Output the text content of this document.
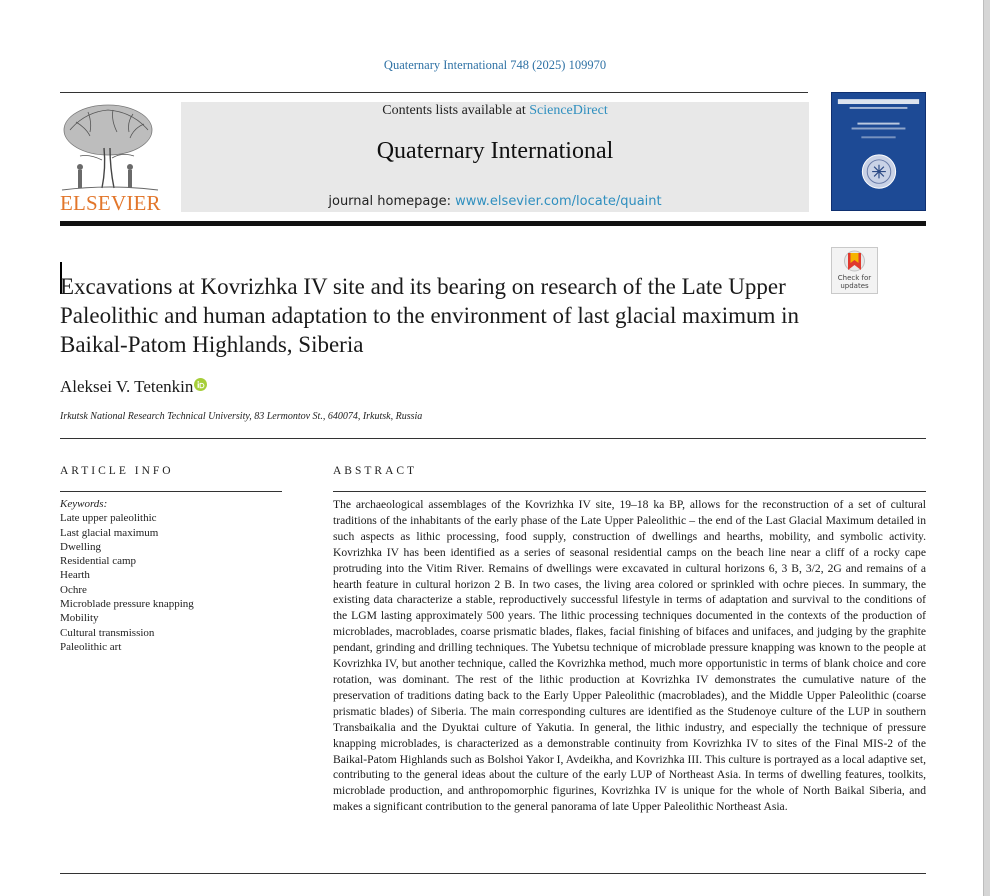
Quaternary International 748 (2025) 109970
ELSEVIER
Contents lists available at ScienceDirect
Quaternary International
journal homepage: www.elsevier.com/locate/quaint
Excavations at Kovrizhka IV site and its bearing on research of the Late Upper Paleolithic and human adaptation to the environment of last glacial maximum in Baikal-Patom Highlands, Siberia
Check for updates
Aleksei V. Tetenkin
Irkutsk National Research Technical University, 83 Lermontov St., 640074, Irkutsk, Russia
ARTICLE INFO	ABSTRACT
Keywords:
Late upper paleolithic
Last glacial maximum
Dwelling
Residential camp
Hearth
Ochre
Microblade pressure knapping
Mobility
Cultural transmission
Paleolithic art
The archaeological assemblages of the Kovrizhka IV site, 19–18 ka BP, allows for the reconstruction of a set of cultural traditions of the inhabitants of the early phase of the Late Upper Paleolithic – the end of the Last Glacial Maximum detailed in such aspects as lithic processing, food supply, construction of dwellings and hearths, mobility, and symbolic activity. Kovrizhka IV has been identified as a series of seasonal residential camps on the beach line near a cliff of a rocky cape protruding into the Vitim River. Remains of dwellings were excavated in cultural horizons 6, 3 B, 3/2, 2G and remains of a hearth feature in cultural horizon 2 B. In two cases, the living area colored or sprinkled with ochre pieces. In summary, the existing data characterize a stable, reproductively successful lifestyle in terms of adaptation and survival to the conditions of the LGM lasting approximately 500 years. The lithic processing techniques documented in the contexts of the production of microblades, macroblades, coarse prismatic blades, flakes, facial finishing of bifaces and unifaces, and judging by the graphite pendant, grinding and drilling techniques. The Yubetsu technique of microblade pressure knapping was known to the people at Kovrizhka IV, but another technique, called the Kovrizhka method, much more opportunistic in terms of blank choice and core rotation, was dominant. The rest of the lithic production at Kovrizhka IV demonstrates the cumulative nature of the preservation of traditions dating back to the Early Upper Paleolithic (macroblades), and the Middle Upper Paleolithic (coarse prismatic blades) of Siberia. The main corresponding cultures are identified as the Studenoye culture of the LUP in southern Transbaikalia and the Dyuktai culture of Yakutia. In general, the lithic industry, and especially the technique of pressure knapping microblades, is characterized as a demonstrable continuity from Kovrizhka IV to sites of the Final MIS-2 of the Baikal-Patom Highlands such as Bolshoi Yakor I, Avdeikha, and Kovrizhka III. This culture is portrayed as a local adaptive set, contributing to the general ideas about the culture of the early LUP of Northeast Asia. In terms of dwelling features, toolkits, microblade production, and anthropomorphic figurines, Kovrizhka IV is unique for the whole of North Baikal Siberia, and makes a significant contribution to the general panorama of late Upper Paleolithic Northeast Asia.
